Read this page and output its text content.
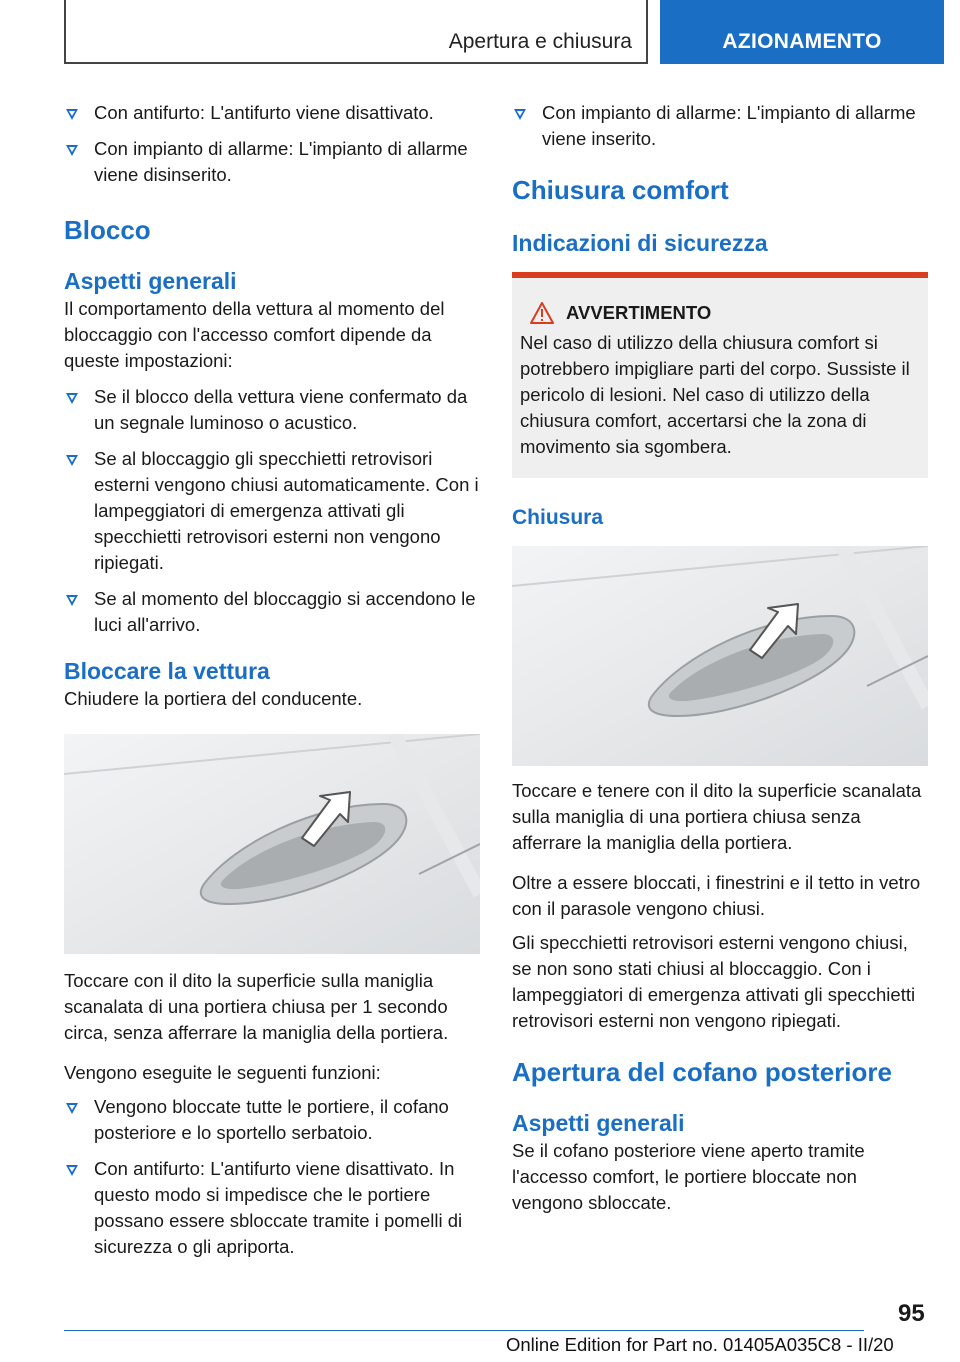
Apertura e chiusura	AZIONAMENTO
Con antifurto: L'antifurto viene disattivato.
Con impianto di allarme: L'impianto di allarme viene disinserito.
Blocco
Aspetti generali

Il comportamento della vettura al momento del bloccaggio con l'accesso comfort dipende da queste impostazioni:

Se il blocco della vettura viene confermato da un segnale luminoso o acustico.
Se al bloccaggio gli specchietti retrovisori esterni vengono chiusi automaticamente. Con i lampeggiatori di emergenza attivati gli specchietti retrovisori esterni non vengono ripiegati.
Se al momento del bloccaggio si accendono le luci all'arrivo.
Bloccare la vettura

Chiudere la portiera del conducente.

Toccare con il dito la superficie sulla maniglia scanalata di una portiera chiusa per 1 secondo circa, senza afferrare la maniglia della portiera.

Vengono eseguite le seguenti funzioni:

Vengono bloccate tutte le portiere, il cofano posteriore e lo sportello serbatoio.
Con antifurto: L'antifurto viene disattivato. In questo modo si impedisce che le portiere possano essere sbloccate tramite i pomelli di sicurezza o gli apriporta.
Con impianto di allarme: L'impianto di allarme viene inserito.
Chiusura comfort
Indicazioni di sicurezza
AVVERTIMENTO

Nel caso di utilizzo della chiusura comfort si potrebbero impigliare parti del corpo. Sussiste il pericolo di lesioni. Nel caso di utilizzo della chiusura comfort, accertarsi che la zona di movimento sia sgombera.

Chiusura

Toccare e tenere con il dito la superficie scanalata sulla maniglia di una portiera chiusa senza afferrare la maniglia della portiera.

Oltre a essere bloccati, i finestrini e il tetto in vetro con il parasole vengono chiusi.

Gli specchietti retrovisori esterni vengono chiusi, se non sono stati chiusi al bloccaggio. Con i lampeggiatori di emergenza attivati gli specchietti retrovisori esterni non vengono ripiegati.

Apertura del cofano posteriore
Aspetti generali

Se il cofano posteriore viene aperto tramite l'accesso comfort, le portiere bloccate non vengono sbloccate.

95
Online Edition for Part no. 01405A035C8 - II/20
